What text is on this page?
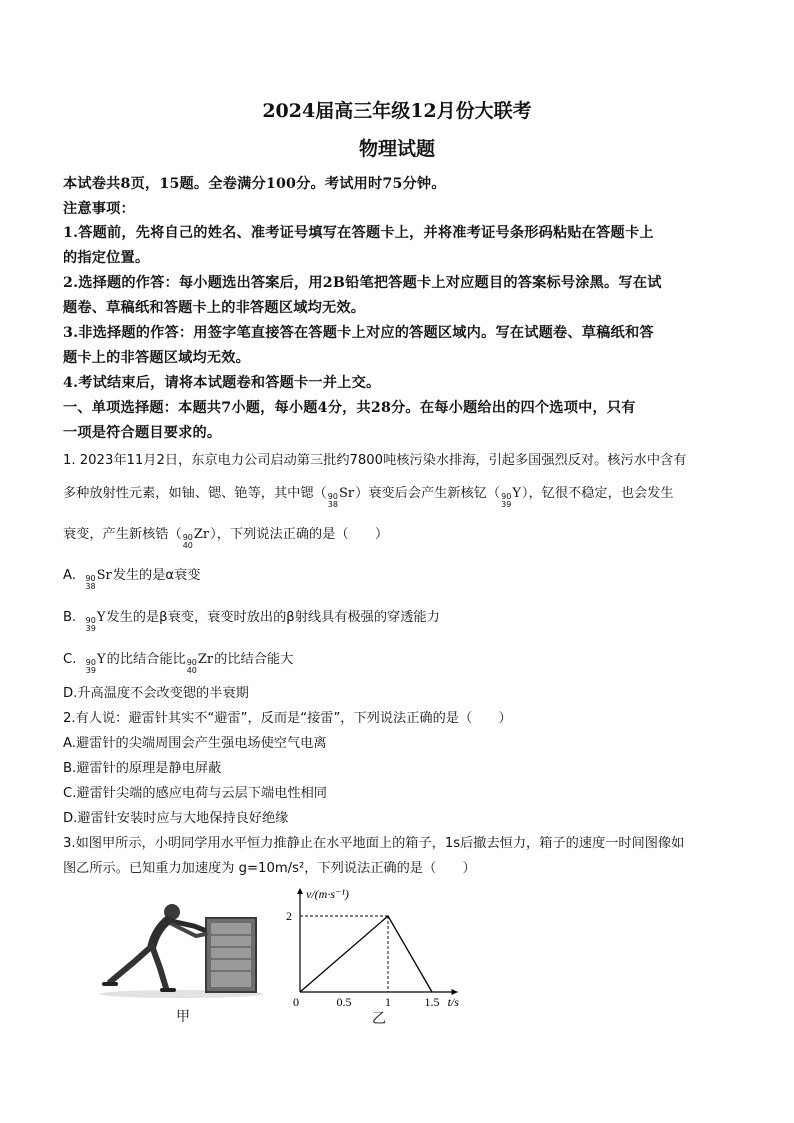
2024届高三年级12月份大联考
物理试题
本试卷共8页，15题。全卷满分100分。考试用时75分钟。
注意事项：
1.答题前，先将自己的姓名、准考证号填写在答题卡上，并将准考证号条形码粘贴在答题卡上
的指定位置。
2.选择题的作答：每小题选出答案后，用2B铅笔把答题卡上对应题目的答案标号涂黑。写在试
题卷、草稿纸和答题卡上的非答题区域均无效。
3.非选择题的作答：用签字笔直接答在答题卡上对应的答题区域内。写在试题卷、草稿纸和答
题卡上的非答题区域均无效。
4.考试结束后，请将本试题卷和答题卡一并上交。
一、单项选择题：本题共7小题，每小题4分，共28分。在每小题给出的四个选项中，只有
一项是符合题目要求的。
1. 2023年11月2日，东京电力公司启动第三批约7800吨核污染水排海，引起多国强烈反对。核污水中含有
多种放射性元素，如铀、锶、铯等，其中锶（ 90
38
Sr）衰变后会产生新核钇（ 90
39
Y），钇很不稳定，也会发生
衰变，产生新核锆（ 90
40
Zr），下列说法正确的是（　　）
A. 90
38
Sr发生的是α衰变
B. 90
39
Y发生的是β衰变，衰变时放出的β射线具有极强的穿透能力
C. 90
39
Y的比结合能比 90
40
Zr的比结合能大
D.升高温度不会改变锶的半衰期
2.有人说：避雷针其实不“避雷”，反而是“接雷”，下列说法正确的是（　　）
A.避雷针的尖端周围会产生强电场使空气电离
B.避雷针的原理是静电屏蔽
C.避雷针尖端的感应电荷与云层下端电性相同
D.避雷针安装时应与大地保持良好绝缘
3.如图甲所示，小明同学用水平恒力推静止在水平地面上的箱子，1s后撤去恒力，箱子的速度一时间图像如
图乙所示。已知重力加速度为 g=10m/s²，下列说法正确的是（　　）
甲
v/(m·s⁻¹)
t/s
0	0.5	1	1.5
2
乙
